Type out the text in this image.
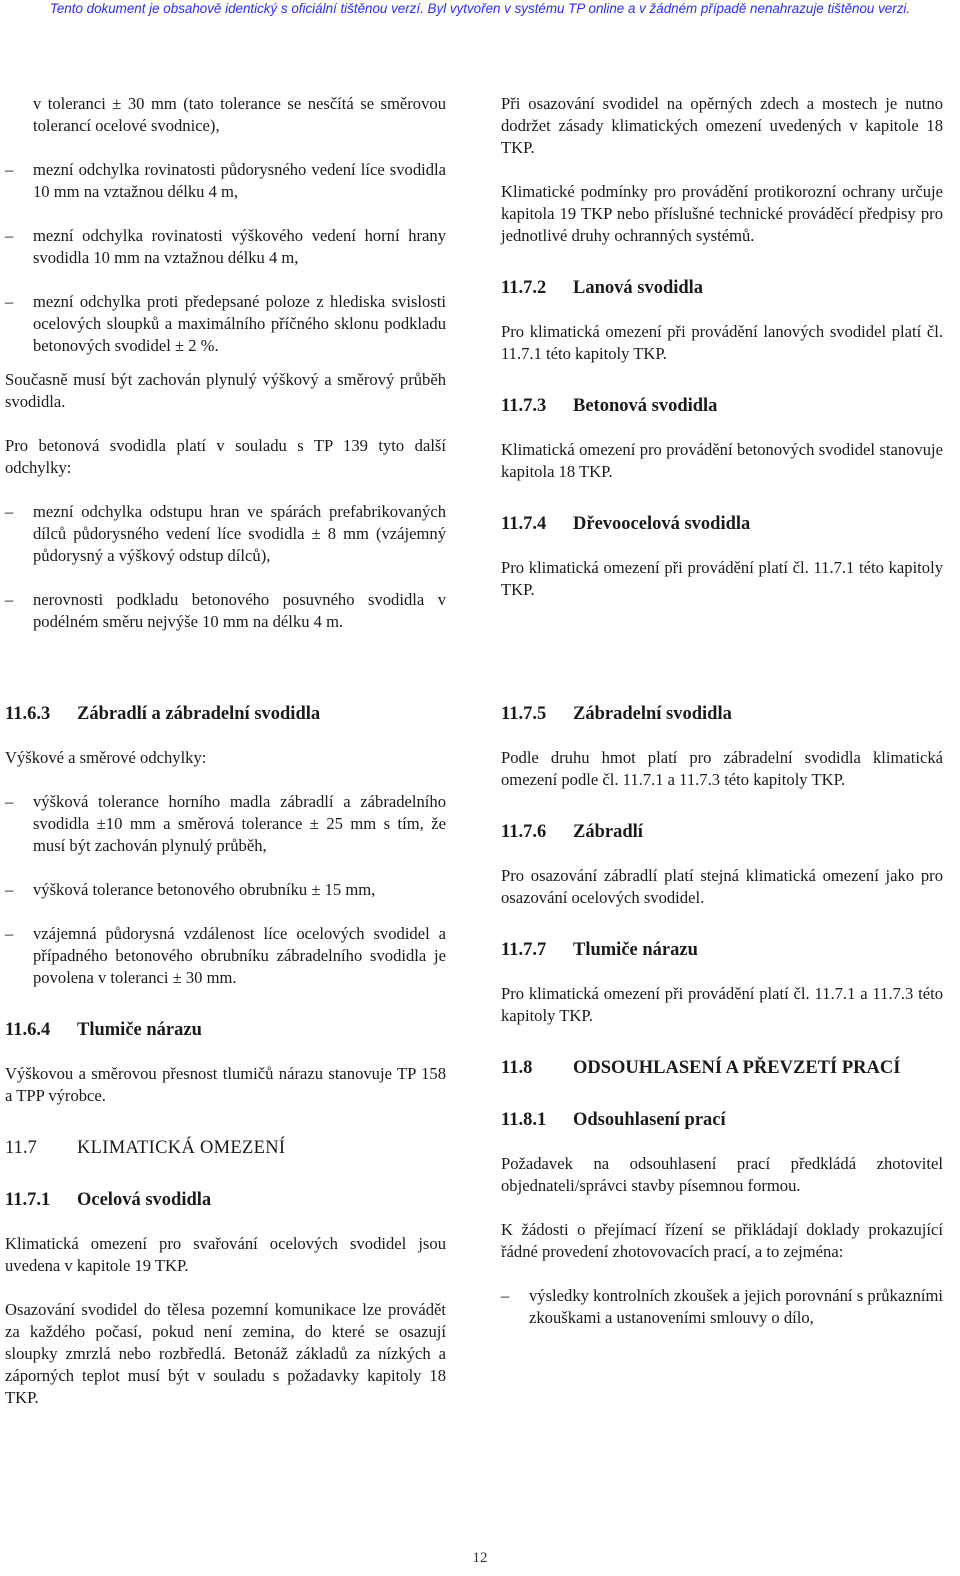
Tento dokument je obsahově identický s oficiální tištěnou verzí. Byl vytvořen v systému TP online a v žádném případě nenahrazuje tištěnou verzi.
v toleranci ± 30 mm (tato tolerance se nesčítá se směrovou tolerancí ocelové svodnice),
– mezní odchylka rovinatosti půdorysného vedení líce svodidla 10 mm na vztažnou délku 4 m,
– mezní odchylka rovinatosti výškového vedení horní hrany svodidla 10 mm na vztažnou délku 4 m,
– mezní odchylka proti předepsané poloze z hlediska svislosti ocelových sloupků a maximálního příčného sklonu podkladu betonových svodidel ± 2 %.

Současně musí být zachován plynulý výškový a směrový průběh svodidla.

Pro betonová svodidla platí v souladu s TP 139 tyto další odchylky:

– mezní odchylka odstupu hran ve spárách prefabrikovaných dílců půdorysného vedení líce svodidla ± 8 mm (vzájemný půdorysný a výškový odstup dílců),
– nerovnosti podkladu betonového posuvného svodidla v podélném směru nejvýše 10 mm na délku 4 m.

Při osazování svodidel na opěrných zdech a mostech je nutno dodržet zásady klimatických omezení uvedených v kapitole 18 TKP.

Klimatické podmínky pro provádění protikorozní ochrany určuje kapitola 19 TKP nebo příslušné technické prováděcí předpisy pro jednotlivé druhy ochranných systémů.

11.7.2	Lanová svodidla

Pro klimatická omezení při provádění lanových svodidel platí čl. 11.7.1 této kapitoly TKP.

11.7.3	Betonová svodidla

Klimatická omezení pro provádění betonových svodidel stanovuje kapitola 18 TKP.

11.7.4	Dřevoocelová svodidla

Pro klimatická omezení při provádění platí čl. 11.7.1 této kapitoly TKP.

11.6.3	Zábradlí a zábradelní svodidla

Výškové a směrové odchylky:

– výšková tolerance horního madla zábradlí a zábradelního svodidla ±10 mm a směrová tolerance ± 25 mm s tím, že musí být zachován plynulý průběh,
– výšková tolerance betonového obrubníku ± 15 mm,
– vzájemná půdorysná vzdálenost líce ocelových svodidel a případného betonového obrubníku zábradelního svodidla je povolena v toleranci ± 30 mm.
11.6.4	Tlumiče nárazu

Výškovou a směrovou přesnost tlumičů nárazu stanovuje TP 158 a TPP výrobce.

11.7	KLIMATICKÁ OMEZENÍ
11.7.1	Ocelová svodidla

Klimatická omezení pro svařování ocelových svodidel jsou uvedena v kapitole 19 TKP.

Osazování svodidel do tělesa pozemní komunikace lze provádět za každého počasí, pokud není zemina, do které se osazují sloupky zmrzlá nebo rozbředlá. Betonáž základů za nízkých a záporných teplot musí být v souladu s požadavky kapitoly 18 TKP.

11.7.5	Zábradelní svodidla

Podle druhu hmot platí pro zábradelní svodidla klimatická omezení podle čl. 11.7.1 a 11.7.3 této kapitoly TKP.

11.7.6	Zábradlí

Pro osazování zábradlí platí stejná klimatická omezení jako pro osazování ocelových svodidel.

11.7.7	Tlumiče nárazu

Pro klimatická omezení při provádění platí čl. 11.7.1 a 11.7.3 této kapitoly TKP.

11.8	ODSOUHLASENÍ A PŘEVZETÍ PRACÍ
11.8.1	Odsouhlasení prací

Požadavek na odsouhlasení prací předkládá zhotovitel objednateli/správci stavby písemnou formou.

K žádosti o přejímací řízení se přikládají doklady prokazující řádné provedení zhotovovacích prací, a to zejména:

– výsledky kontrolních zkoušek a jejich porovnání s průkazními zkouškami a ustanoveními smlouvy o dílo,
12
